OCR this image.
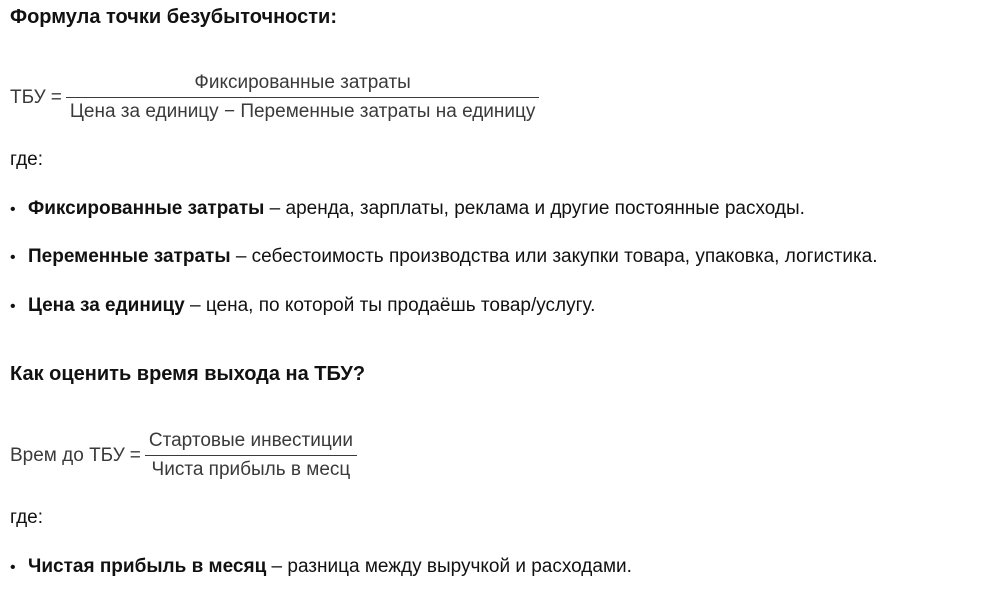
Формула точки безубыточности:
ТБУ = $\frac{\text{Фиксированные затраты}}{\text{Цена за единицу − Переменные затраты на единицу}}$

где:

• Фиксированные затраты – аренда, зарплаты, реклама и другие постоянные расходы.
• Переменные затраты – себестоимость производства или закупки товара, упаковка, логистика.
• Цена за единицу – цена, по которой ты продаёшь товар/услугу.
Как оценить время выхода на ТБУ?
Врем до ТБУ = $\frac{\text{Стартовые инвестиции}}{\text{Чиста прибыль в месц}}$

где:

• Чистая прибыль в месяц – разница между выручкой и расходами.
